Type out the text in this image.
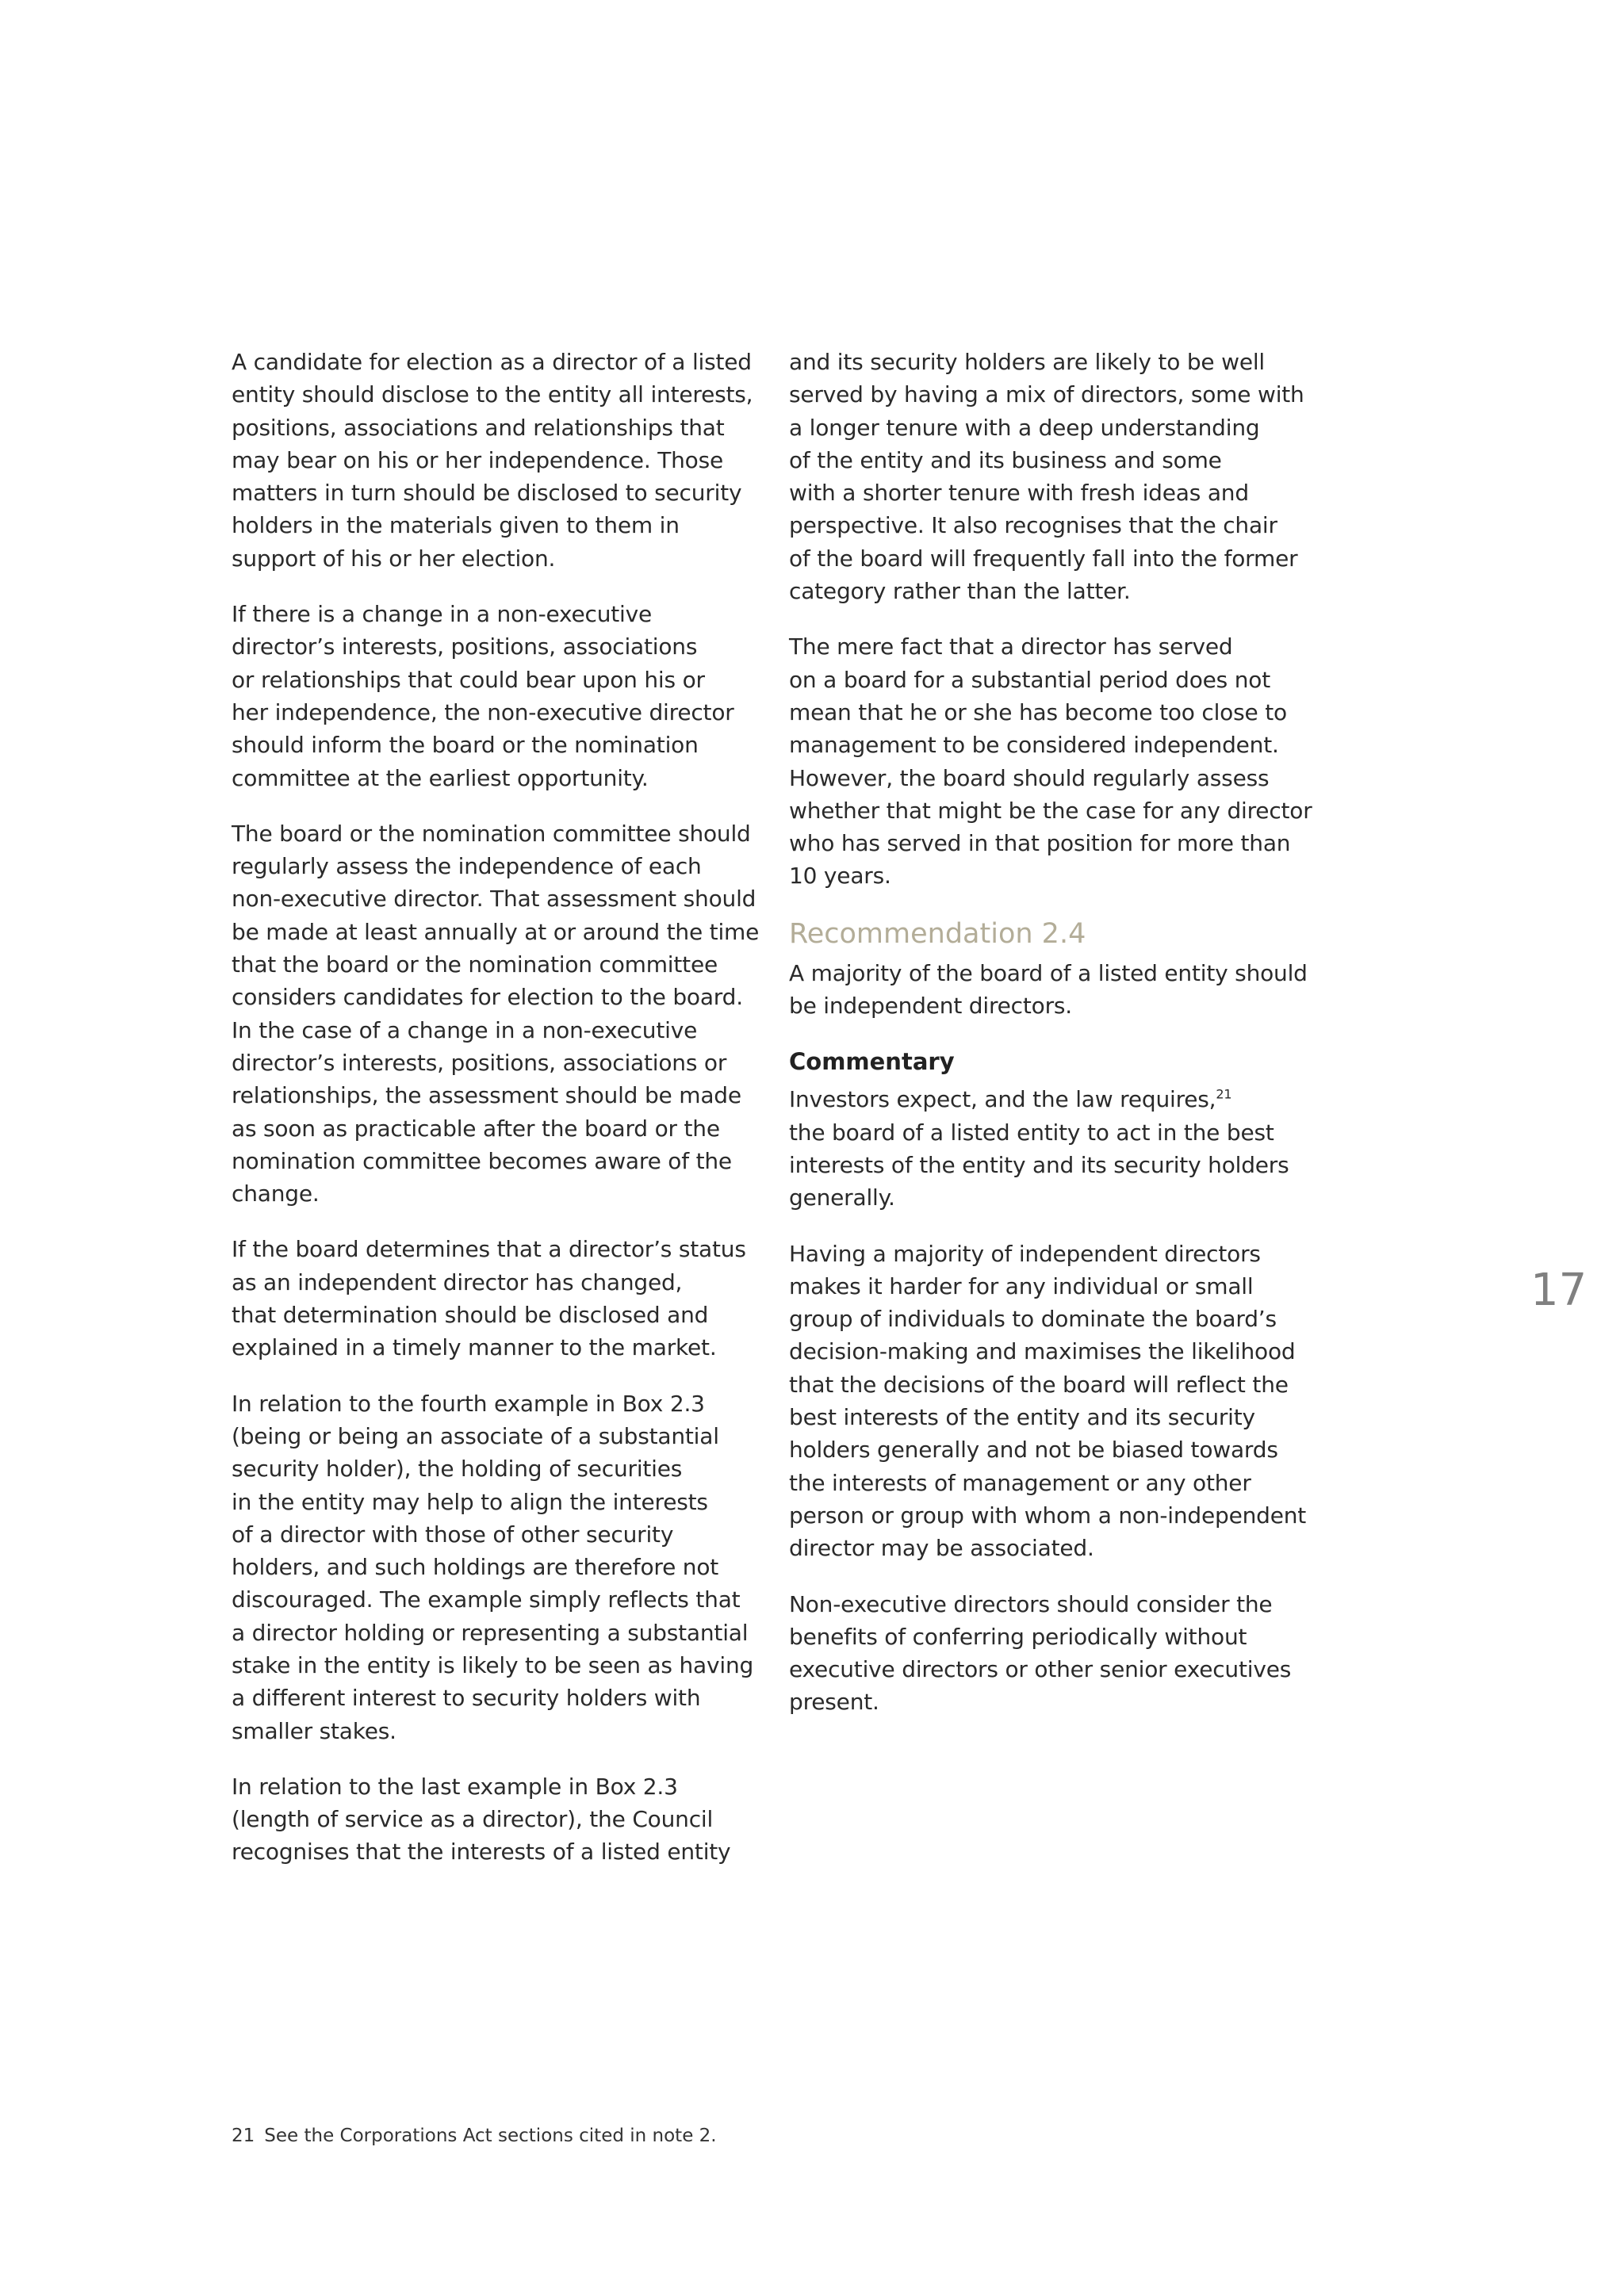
A candidate for election as a director of a listed
entity should disclose to the entity all interests,
positions, associations and relationships that
may bear on his or her independence. Those
matters in turn should be disclosed to security
holders in the materials given to them in
support of his or her election.

If there is a change in a non-executive
director’s interests, positions, associations
or relationships that could bear upon his or
her independence, the non-executive director
should inform the board or the nomination
committee at the earliest opportunity.

The board or the nomination committee should
regularly assess the independence of each
non-executive director. That assessment should
be made at least annually at or around the time
that the board or the nomination committee
considers candidates for election to the board.
In the case of a change in a non-executive
director’s interests, positions, associations or
relationships, the assessment should be made
as soon as practicable after the board or the
nomination committee becomes aware of the
change.

If the board determines that a director’s status
as an independent director has changed,
that determination should be disclosed and
explained in a timely manner to the market.

In relation to the fourth example in Box 2.3
(being or being an associate of a substantial
security holder), the holding of securities
in the entity may help to align the interests
of a director with those of other security
holders, and such holdings are therefore not
discouraged. The example simply reflects that
a director holding or representing a substantial
stake in the entity is likely to be seen as having
a different interest to security holders with
smaller stakes.

In relation to the last example in Box 2.3
(length of service as a director), the Council
recognises that the interests of a listed entity

and its security holders are likely to be well
served by having a mix of directors, some with
a longer tenure with a deep understanding
of the entity and its business and some
with a shorter tenure with fresh ideas and
perspective. It also recognises that the chair
of the board will frequently fall into the former
category rather than the latter.

The mere fact that a director has served
on a board for a substantial period does not
mean that he or she has become too close to
management to be considered independent.
However, the board should regularly assess
whether that might be the case for any director
who has served in that position for more than
10 years.

Recommendation 2.4

A majority of the board of a listed entity should
be independent directors.

Commentary

Investors expect, and the law requires,$^{21}$
the board of a listed entity to act in the best
interests of the entity and its security holders
generally.

Having a majority of independent directors
makes it harder for any individual or small
group of individuals to dominate the board’s
decision-making and maximises the likelihood
that the decisions of the board will reflect the
best interests of the entity and its security
holders generally and not be biased towards
the interests of management or any other
person or group with whom a non-independent
director may be associated.

Non-executive directors should consider the
benefits of conferring periodically without
executive directors or other senior executives
present.

17
21 See the Corporations Act sections cited in note 2.
